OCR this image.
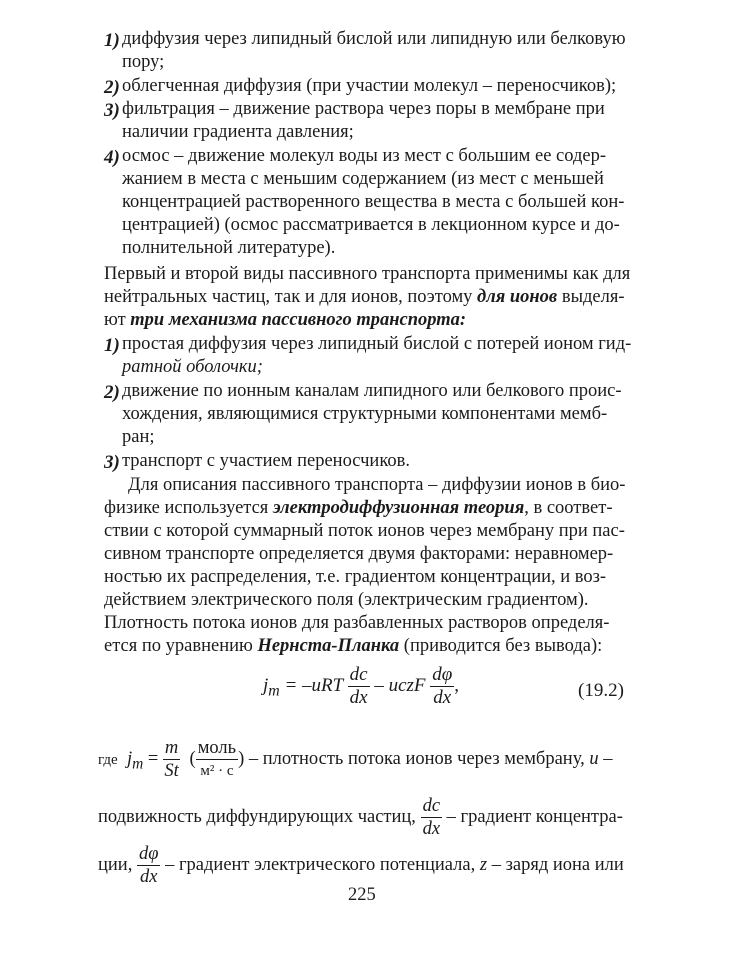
1) диффузия через липидный бислой или липидную или белковую
пору;
2) облегченная диффузия (при участии молекул – переносчиков);
3) фильтрация – движение раствора через поры в мембране при
наличии градиента давления;
4) осмос – движение молекул воды из мест с большим ее содер-
жанием в места с меньшим содержанием (из мест с меньшей
концентрацией растворенного вещества в места с большей кон-
центрацией) (осмос рассматривается в лекционном курсе и до-
полнительной литературе).
Первый и второй виды пассивного транспорта применимы как для
нейтральных частиц, так и для ионов, поэтому для ионов выделя-
ют три механизма пассивного транспорта:
1) простая диффузия через липидный бислой с потерей ионом гид-
ратной оболочки;
2) движение по ионным каналам липидного или белкового проис-
хождения, являющимися структурными компонентами мемб-
ран;
3) транспорт с участием переносчиков.
Для описания пассивного транспорта – диффузии ионов в био-
физике используется электродиффузионная теория, в соответ-
ствии с которой суммарный поток ионов через мембрану при пас-
сивном транспорте определяется двумя факторами: неравномер-
ностью их распределения, т.е. градиентом концентрации, и воз-
действием электрического поля (электрическим градиентом).
Плотность потока ионов для разбавленных растворов определя-
ется по уравнению Нернста-Планка (приводится без вывода):
$j_m = -uRT \frac{dc}{dx}$ – uczF $\frac{d\varphi}{dx}$ ,	(19.2)
где $j_m = \frac{m}{St}$ ( $\frac{\text{моль}}{\text{м² · с}}$ ) – плотность потока ионов через мембрану, u –
подвижность диффундирующих частиц, $\frac{dc}{dx}$ – градиент концентра-
ции, $\frac{d\varphi}{dx}$ – градиент электрического потенциала, z – заряд иона или
225
